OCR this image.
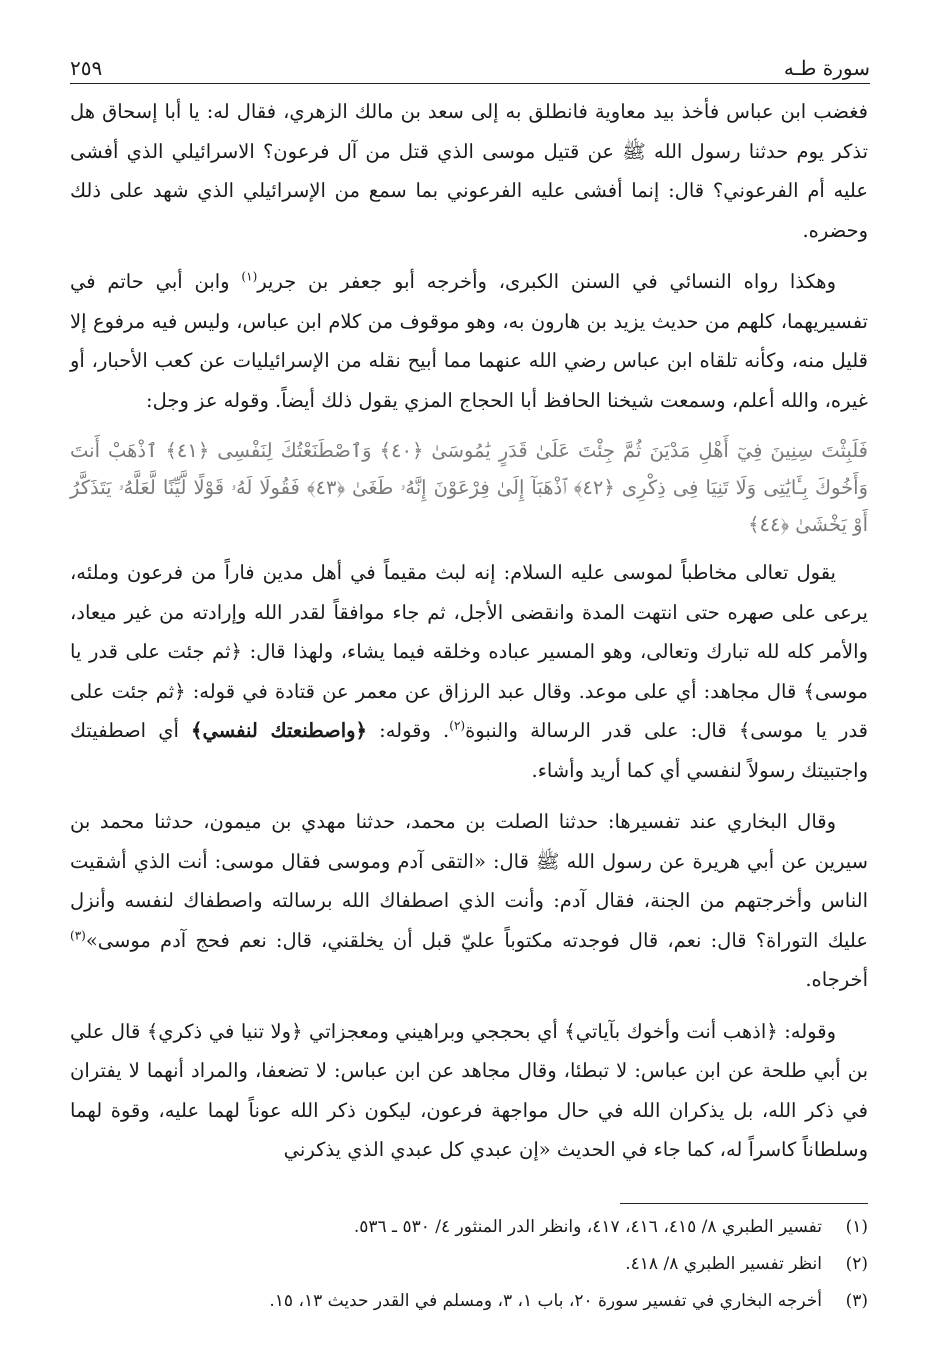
سورة طـه
٢٥٩

فغضب ابن عباس فأخذ بيد معاوية فانطلق به إلى سعد بن مالك الزهري، فقال له: يا أبا إسحاق هل تذكر يوم حدثنا رسول الله ﷺ عن قتيل موسى الذي قتل من آل فرعون؟ الاسرائيلي الذي أفشى عليه أم الفرعوني؟ قال: إنما أفشى عليه الفرعوني بما سمع من الإسرائيلي الذي شهد على ذلك وحضره.

وهكذا رواه النسائي في السنن الكبرى، وأخرجه أبو جعفر بن جرير$^{(١)}$ وابن أبي حاتم في تفسيريهما، كلهم من حديث يزيد بن هارون به، وهو موقوف من كلام ابن عباس، وليس فيه مرفوع إلا قليل منه، وكأنه تلقاه ابن عباس رضي الله عنهما مما أبيح نقله من الإسرائيليات عن كعب الأحبار، أو غيره، والله أعلم، وسمعت شيخنا الحافظ أبا الحجاج المزي يقول ذلك أيضاً. وقوله عز وجل:

فَلَبِثْتَ سِنِينَ فِيٓ أَهْلِ مَدْيَنَ ثُمَّ جِئْتَ عَلَىٰ قَدَرٍ يَٰمُوسَىٰ ﴿٤٠﴾ وَٱصْطَنَعْتُكَ لِنَفْسِى ﴿٤١﴾ ٱذْهَبْ أَنتَ وَأَخُوكَ بِـَٔايَٰتِى وَلَا تَنِيَا فِى ذِكْرِى ﴿٤٢﴾ ٱذْهَبَآ إِلَىٰ فِرْعَوْنَ إِنَّهُۥ طَغَىٰ ﴿٤٣﴾ فَقُولَا لَهُۥ قَوْلًا لَّيِّنًا لَّعَلَّهُۥ يَتَذَكَّرُ أَوْ يَخْشَىٰ ﴿٤٤﴾

يقول تعالى مخاطباً لموسى عليه السلام: إنه لبث مقيماً في أهل مدين فاراً من فرعون وملئه، يرعى على صهره حتى انتهت المدة وانقضى الأجل، ثم جاء موافقاً لقدر الله وإرادته من غير ميعاد، والأمر كله لله تبارك وتعالى، وهو المسير عباده وخلقه فيما يشاء، ولهذا قال: ﴿ثم جئت على قدر يا موسى﴾ قال مجاهد: أي على موعد. وقال عبد الرزاق عن معمر عن قتادة في قوله: ﴿ثم جئت على قدر يا موسى﴾ قال: على قدر الرسالة والنبوة$^{(٢)}$. وقوله: ﴿واصطنعتك لنفسي﴾ أي اصطفيتك واجتبيتك رسولاً لنفسي أي كما أريد وأشاء.

وقال البخاري عند تفسيرها: حدثنا الصلت بن محمد، حدثنا مهدي بن ميمون، حدثنا محمد بن سيرين عن أبي هريرة عن رسول الله ﷺ قال: «التقى آدم وموسى فقال موسى: أنت الذي أشقيت الناس وأخرجتهم من الجنة، فقال آدم: وأنت الذي اصطفاك الله برسالته واصطفاك لنفسه وأنزل عليك التوراة؟ قال: نعم، قال فوجدته مكتوباً عليّ قبل أن يخلقني، قال: نعم فحج آدم موسى»$^{(٣)}$ أخرجاه.

وقوله: ﴿اذهب أنت وأخوك بآياتي﴾ أي بحججي وبراهيني ومعجزاتي ﴿ولا تنيا في ذكري﴾ قال علي بن أبي طلحة عن ابن عباس: لا تبطئا، وقال مجاهد عن ابن عباس: لا تضعفا، والمراد أنهما لا يفتران في ذكر الله، بل يذكران الله في حال مواجهة فرعون، ليكون ذكر الله عوناً لهما عليه، وقوة لهما وسلطاناً كاسراً له، كما جاء في الحديث «إن عبدي كل عبدي الذي يذكرني

(١)تفسير الطبري ٨/ ٤١٥، ٤١٦، ٤١٧، وانظر الدر المنثور ٤/ ٥٣٠ ـ ٥٣٦.
(٢)انظر تفسير الطبري ٨/ ٤١٨.
(٣)أخرجه البخاري في تفسير سورة ٢٠، باب ١، ٣، ومسلم في القدر حديث ١٣، ١٥.
